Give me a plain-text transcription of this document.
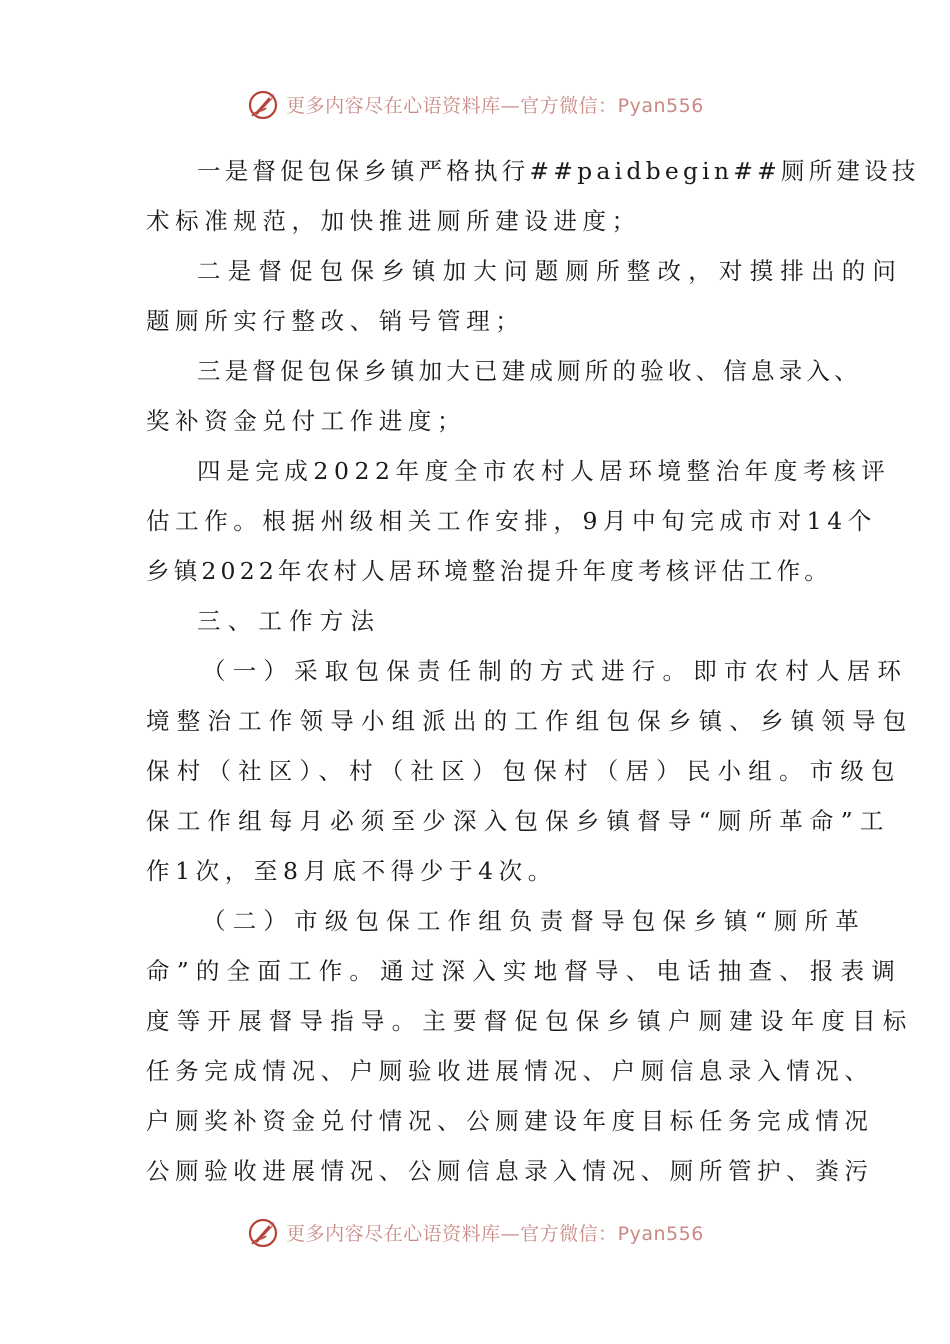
更多内容尽在心语资料库—官方微信：Pyan556
一是督促包保乡镇严格执行##paidbegin##厕所建设技
术标准规范，加快推进厕所建设进度；
二是督促包保乡镇加大问题厕所整改，对摸排出的问
题厕所实行整改、销号管理；
三是督促包保乡镇加大已建成厕所的验收、信息录入、
奖补资金兑付工作进度；
四是完成2022年度全市农村人居环境整治年度考核评
估工作。根据州级相关工作安排，9月中旬完成市对14个
乡镇2022年农村人居环境整治提升年度考核评估工作。
三、工作方法
（一）采取包保责任制的方式进行。即市农村人居环
境整治工作领导小组派出的工作组包保乡镇、乡镇领导包
保村（社区）、村（社区）包保村（居）民小组。市级包
保工作组每月必须至少深入包保乡镇督导“厕所革命”工
作1次，至8月底不得少于4次。
（二）市级包保工作组负责督导包保乡镇“厕所革
命”的全面工作。通过深入实地督导、电话抽查、报表调
度等开展督导指导。主要督促包保乡镇户厕建设年度目标
任务完成情况、户厕验收进展情况、户厕信息录入情况、
户厕奖补资金兑付情况、公厕建设年度目标任务完成情况
公厕验收进展情况、公厕信息录入情况、厕所管护、粪污
更多内容尽在心语资料库—官方微信：Pyan556
